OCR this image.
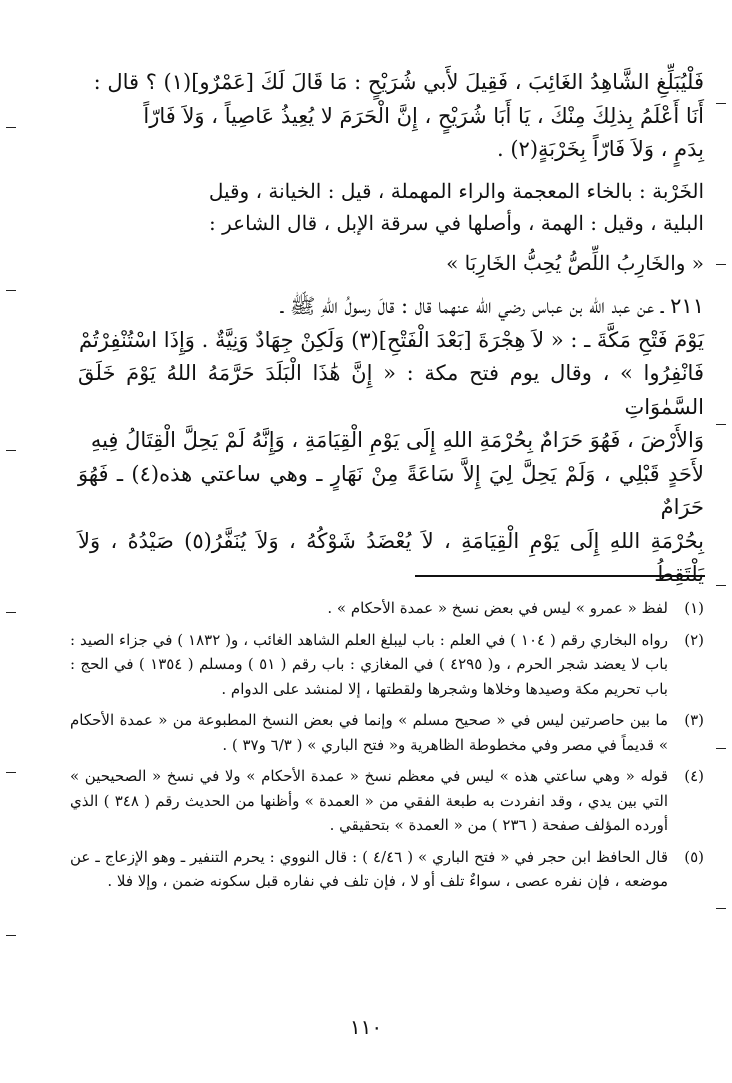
فَلْيُبَلِّغِ الشَّاهِدُ الغَائِبَ ، فَقِيلَ لأَبي شُرَيْحٍ : مَا قَالَ لَكَ [عَمْرٌو](١) ؟ قال :

أَنَا أَعْلَمُ بِذلِكَ مِنْكَ ، يَا أَبَا شُرَيْحٍ ، إِنَّ الْحَرَمَ لا يُعِيذُ عَاصِياً ، وَلاَ فَارّاً

بِدَمٍ ، وَلاَ فَارّاً بِخَرْبَةٍ(٢) .

الخَرْبة : بالخاء المعجمة والراء المهملة ، قيل : الخيانة ، وقيل

البلية ، وقيل : الهمة ، وأصلها في سرقة الإبل ، قال الشاعر :

« والخَارِبُ اللِّصُّ يُحِبُّ الخَارِبَا »

٢١١ ـ عن عبد الله بن عباس رضي الله عنهما قال : قالَ رسولُ اللهِ ﷺ ـ

يَوْمَ فَتْحِ مَكَّةَ ـ : « لاَ هِجْرَةَ [بَعْدَ الْفَتْحِ](٣) وَلَكِنْ جِهَادٌ وَنِيَّةٌ . وَإِذَا اسْتُنْفِرْتُمْ

فَانْفِرُوا » ، وقال يوم فتح مكة : « إِنَّ هَٰذَا الْبَلَدَ حَرَّمَهُ اللهُ يَوْمَ خَلَقَ السَّمٰوَاتِ

وَالأَرْضَ ، فَهُوَ حَرَامٌ بِحُرْمَةِ اللهِ إِلَى يَوْمِ الْقِيَامَةِ ، وَإِنَّهُ لَمْ يَحِلَّ الْقِتَالُ فِيهِ

لأَحَدٍ قَبْلِي ، وَلَمْ يَحِلَّ لِيَ إِلاَّ سَاعَةً مِنْ نَهَارٍ ـ وهي ساعتي هذه(٤) ـ فَهُوَ حَرَامٌ

بِحُرْمَةِ اللهِ إِلَى يَوْمِ الْقِيَامَةِ ، لاَ يُعْضَدُ شَوْكُهُ ، وَلاَ يُنَفَّرُ(٥) صَيْدُهُ ، وَلاَ يَلْتَقِطُ

(١)
لفظ « عمرو » ليس في بعض نسخ « عمدة الأحكام » .
(٢)
رواه البخاري رقم ( ١٠٤ ) في العلم : باب ليبلغ العلم الشاهد الغائب ، و( ١٨٣٢ ) في جزاء الصيد : باب لا يعضد شجر الحرم ، و( ٤٢٩٥ ) في المغازي : باب رقم ( ٥١ ) ومسلم ( ١٣٥٤ ) في الحج : باب تحريم مكة وصيدها وخلاها وشجرها ولقطتها ، إلا لمنشد على الدوام .
(٣)
ما بين حاصرتين ليس في « صحيح مسلم » وإنما في بعض النسخ المطبوعة من « عمدة الأحكام » قديماً في مصر وفي مخطوطة الظاهرية و« فتح الباري » ( ٦/٣ و٣٧ ) .
(٤)
قوله « وهي ساعتي هذه » ليس في معظم نسخ « عمدة الأحكام » ولا في نسخ « الصحيحين » التي بين يدي ، وقد انفردت به طبعة الفقي من « العمدة » وأظنها من الحديث رقم ( ٣٤٨ ) الذي أورده المؤلف صفحة ( ٢٣٦ ) من « العمدة » بتحقيقي .
(٥)
قال الحافظ ابن حجر في « فتح الباري » ( ٤/٤٦ ) : قال النووي : يحرم التنفير ـ وهو الإزعاج ـ عن موضعه ، فإن نفره عصى ، سواءٌ تلف أو لا ، فإن تلف في نفاره قبل سكونه ضمن ، وإلا فلا .
١١٠
